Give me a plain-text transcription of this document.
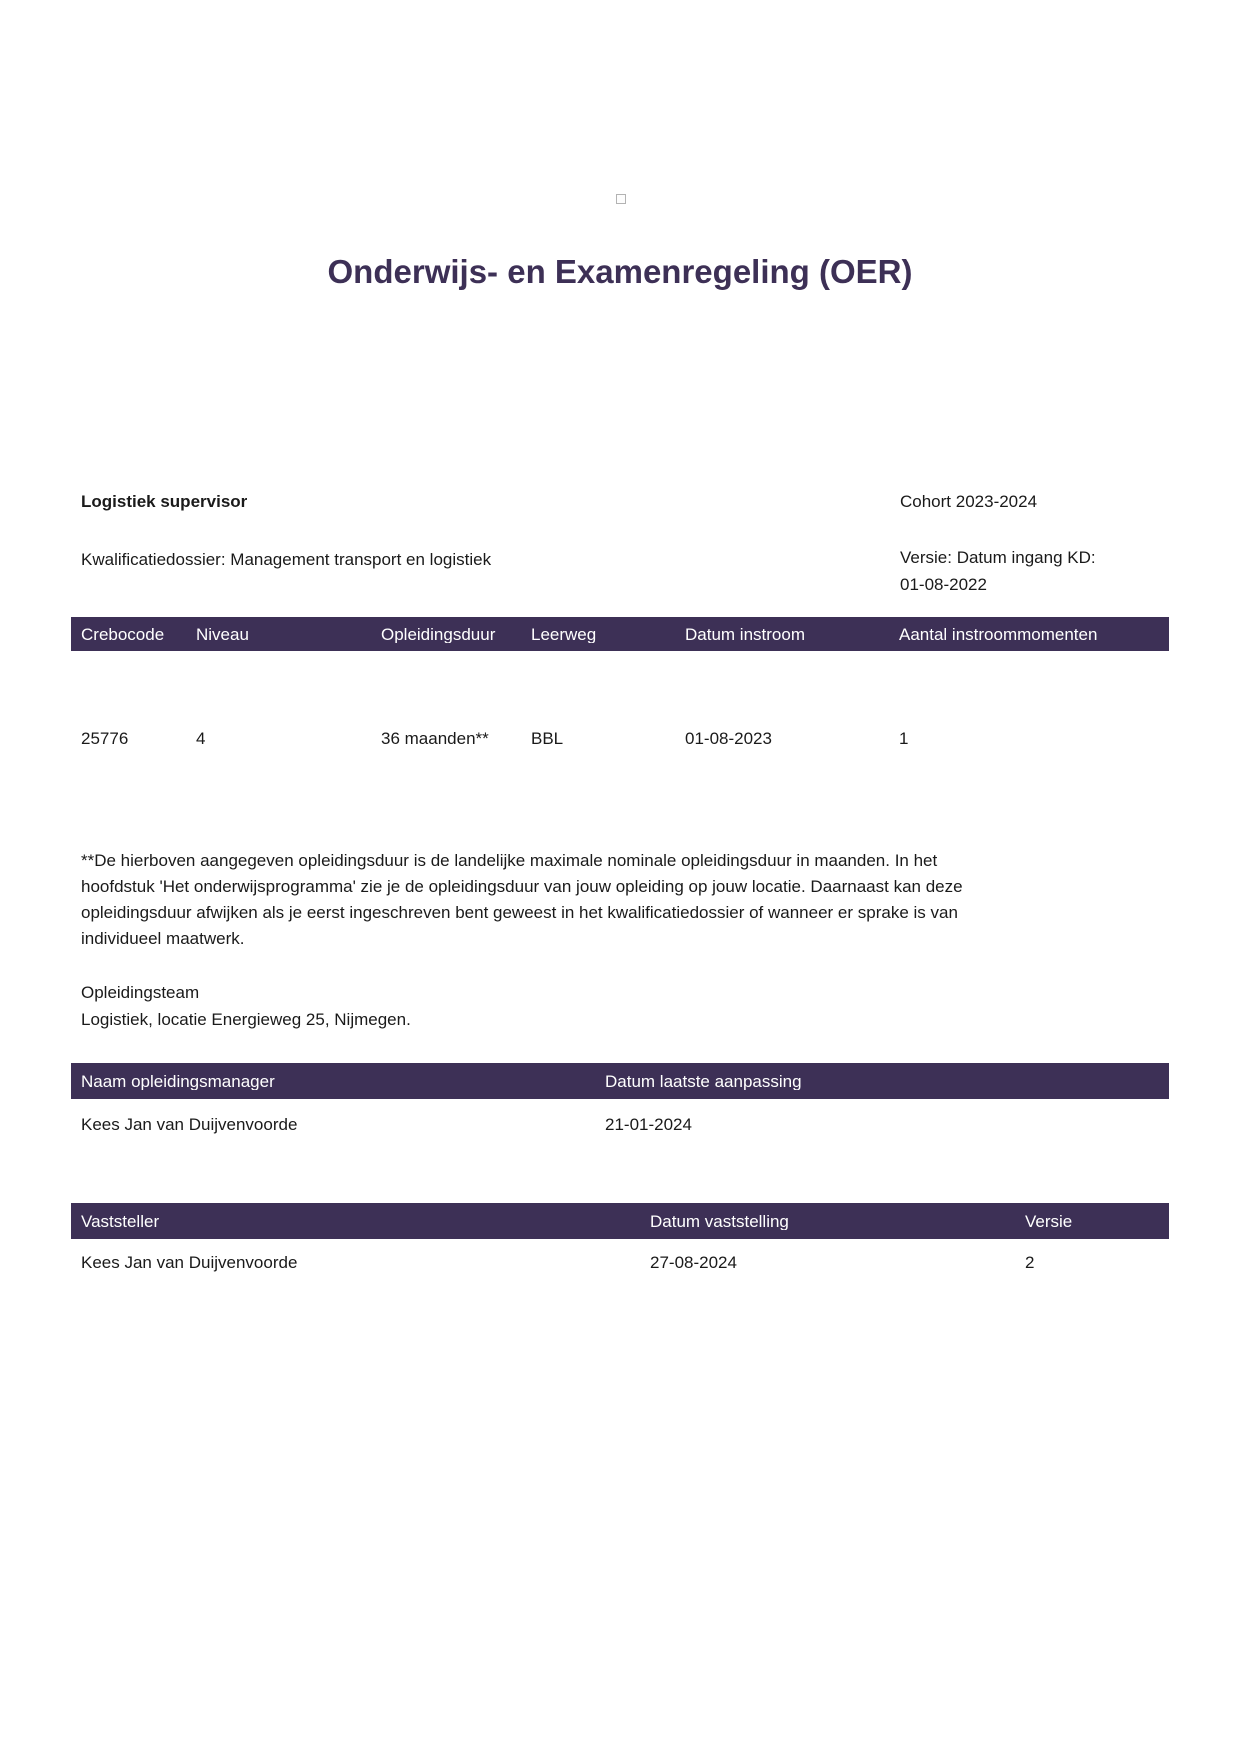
Onderwijs- en Examenregeling (OER)
Logistiek supervisor	Cohort 2023-2024
Kwalificatiedossier: Management transport en logistiek	Versie: Datum ingang KD:
01-08-2022
Crebocode	Niveau	Opleidingsduur	Leerweg	Datum instroom	Aantal instroommomenten
25776	4	36 maanden**	BBL	01-08-2023	1
**De hierboven aangegeven opleidingsduur is de landelijke maximale nominale opleidingsduur in maanden. In het
hoofdstuk 'Het onderwijsprogramma' zie je de opleidingsduur van jouw opleiding op jouw locatie. Daarnaast kan deze
opleidingsduur afwijken als je eerst ingeschreven bent geweest in het kwalificatiedossier of wanneer er sprake is van
individueel maatwerk.
Opleidingsteam
Logistiek, locatie Energieweg 25, Nijmegen.
Naam opleidingsmanager	Datum laatste aanpassing
Kees Jan van Duijvenvoorde	21-01-2024
Vaststeller	Datum vaststelling	Versie
Kees Jan van Duijvenvoorde	27-08-2024	2
